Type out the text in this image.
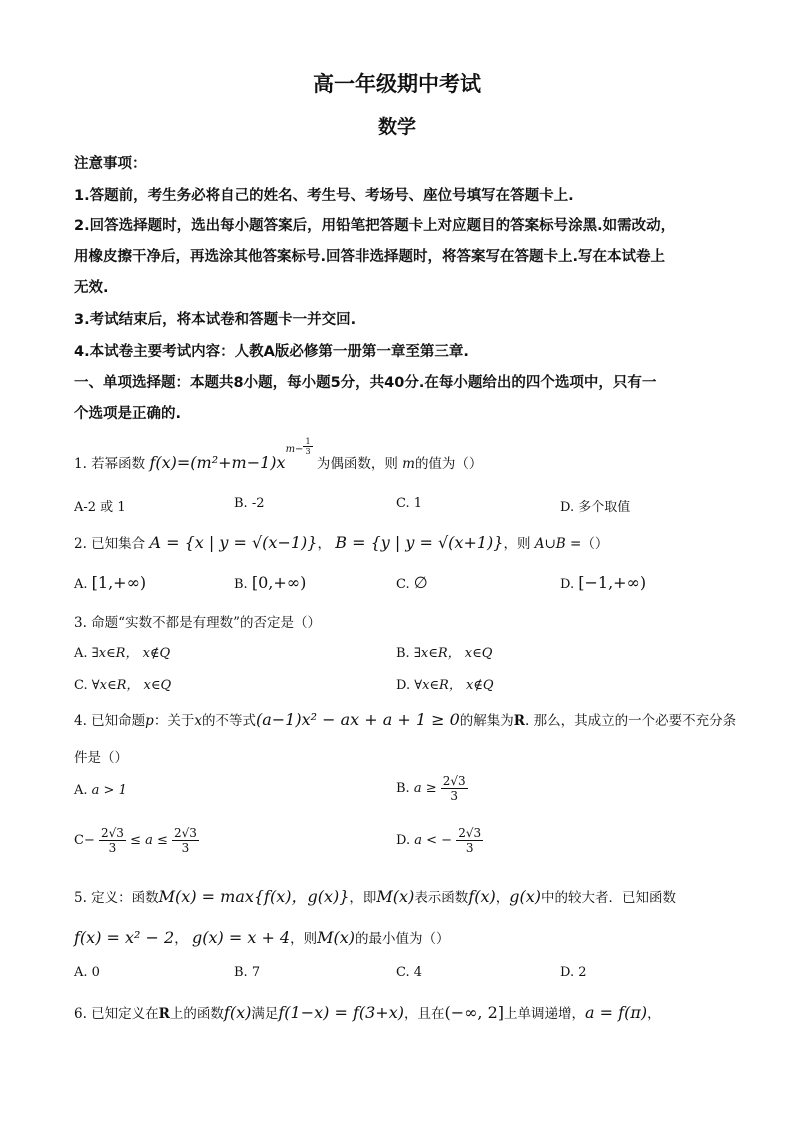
高一年级期中考试
数学
注意事项：
1.答题前，考生务必将自己的姓名、考生号、考场号、座位号填写在答题卡上.
2.回答选择题时，选出每小题答案后，用铅笔把答题卡上对应题目的答案标号涂黑.如需改动，
用橡皮擦干净后，再选涂其他答案标号.回答非选择题时，将答案写在答题卡上.写在本试卷上
无效.
3.考试结束后，将本试卷和答题卡一并交回.
4.本试卷主要考试内容：人教A版必修第一册第一章至第三章.
一、单项选择题：本题共8小题，每小题5分，共40分.在每小题给出的四个选项中，只有一
个选项是正确的.
1. 若幂函数 $f(x)=(m^2+m-1)x^{m-} \frac{1}{3}$
为偶函数，则 m的值为（）
A-2 或 1	B. -2	C. 1	D. 多个取值
2. 已知集合 A = {x | y = √(x−1)}， B = {y | y = √(x+1)}，则 A∪B =（）
A. [1,+∞)	B. [0,+∞)	C. ∅	D. [−1,+∞)
3. 命题“实数不都是有理数”的否定是（）
A. ∃x∈R， x∉Q	B. ∃x∈R， x∈Q
C. ∀x∈R， x∈Q	D. ∀x∈R， x∉Q
4. 已知命题p：关于x的不等式(a−1)x² − ax + a + 1 ≥ 0的解集为R. 那么，其成立的一个必要不充分条
件是（）
A. a > 1	B. $a \ge \frac{2√3}{3}$
$C- \frac{2√3}{3} \le a \le \frac{2√3}{3}$	D. a < − $\frac{2√3}{3}$
5. 定义：函数M(x) = max{f(x)，g(x)}，即M(x)表示函数f(x)，g(x)中的较大者．已知函数
f(x) = x² − 2， g(x) = x + 4，则M(x)的最小值为（）
A. 0	B. 7	C. 4	D. 2
6. 已知定义在R上的函数f(x)满足f(1−x) = f(3+x)，且在(−∞, 2]上单调递增，a = f(π)，
